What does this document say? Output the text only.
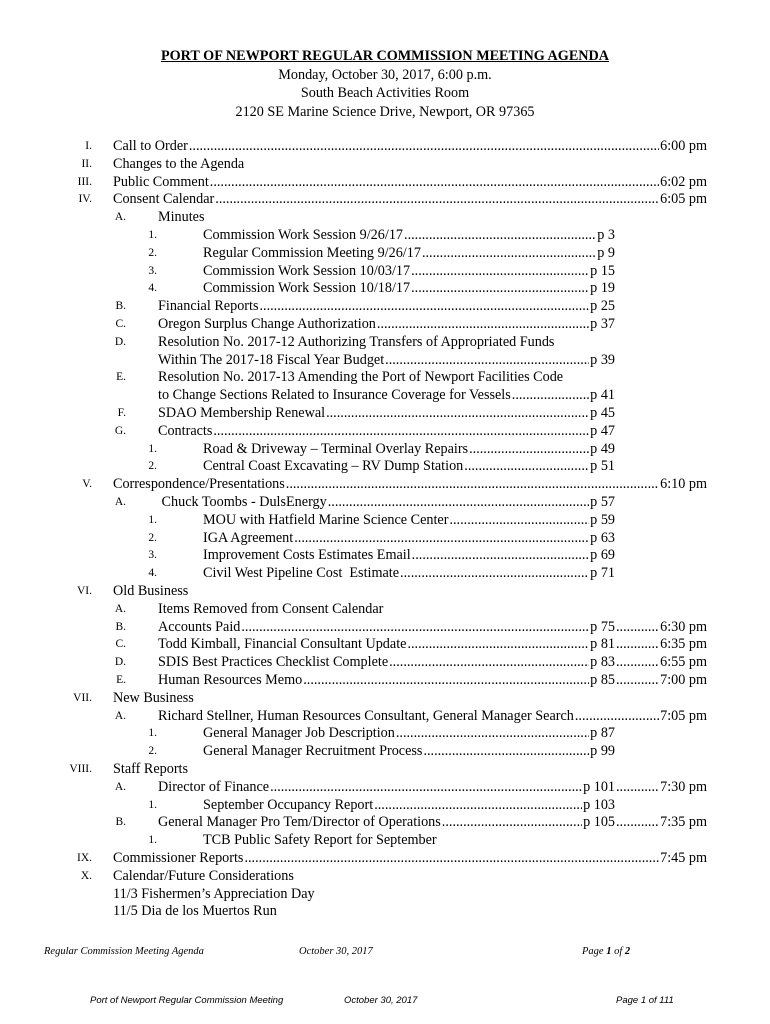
PORT OF NEWPORT REGULAR COMMISSION MEETING AGENDA
Monday, October 30, 2017, 6:00 p.m.
South Beach Activities Room
2120 SE Marine Science Drive, Newport, OR 97365
I. Call to Order .....	6:00 pm
II. Changes to the Agenda
III. Public Comment .....	6:02 pm
IV. Consent Calendar .....	6:05 pm
A. Minutes
1.	Commission Work Session 9/26/17 .....	p 3
2.	Regular Commission Meeting 9/26/17 .....	p 9
3.	Commission Work Session 10/03/17 .....	p 15
4.	Commission Work Session 10/18/17 .....	p 19
B. Financial Reports .....	p 25
C. Oregon Surplus Change Authorization .....	p 37
D. Resolution No. 2017-12 Authorizing Transfers of Appropriated Funds
Within The 2017-18 Fiscal Year Budget .....	p 39
E. Resolution No. 2017-13 Amending the Port of Newport Facilities Code
to Change Sections Related to Insurance Coverage for Vessels .....	p 41
F. SDAO Membership Renewal .....	p 45
G. Contracts .....	p 47
1.	Road & Driveway – Terminal Overlay Repairs .....	p 49
2.	Central Coast Excavating – RV Dump Station .....	p 51
V. Correspondence/Presentations .....	6:10 pm
A. Chuck Toombs - DulsEnergy .....	p 57
1.	MOU with Hatfield Marine Science Center .....	p 59
2.	IGA Agreement .....	p 63
3.	Improvement Costs Estimates Email .....	p 69
4.	Civil West Pipeline Cost  Estimate .....	p 71
VI. Old Business
A. Items Removed from Consent Calendar
B. Accounts Paid .....	p 75 .....	6:30 pm
C. Todd Kimball, Financial Consultant Update .....	p 81 .....	6:35 pm
D. SDIS Best Practices Checklist Complete .....	p 83 .....	6:55 pm
E. Human Resources Memo .....	p 85 .....	7:00 pm
VII. New Business
A. Richard Stellner, Human Resources Consultant, General Manager Search .....	7:05 pm
1.	General Manager Job Description .....	p 87
2.	General Manager Recruitment Process .....	p 99
VIII. Staff Reports
A. Director of Finance .....	p 101 .....	7:30 pm
1.	September Occupancy Report .....	p 103
B. General Manager Pro Tem/Director of Operations .....	p 105 .....	7:35 pm
1.	TCB Public Safety Report for September
IX. Commissioner Reports .....	7:45 pm
X. Calendar/Future Considerations
11/3 Fishermen’s Appreciation Day
11/5 Dia de los Muertos Run
Regular Commission Meeting Agenda	October 30, 2017	Page 1 of 2
Port of Newport Regular Commission Meeting	October 30, 2017	Page 1 of 111
